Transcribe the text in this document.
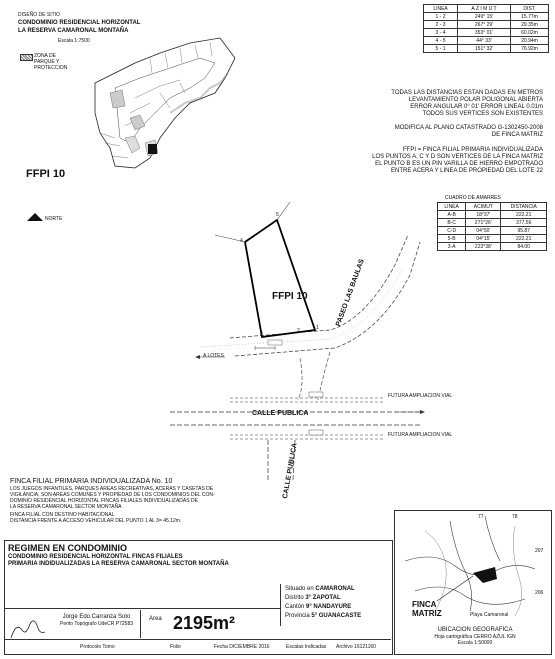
DISEÑO DE SITIO
CONDOMINIO RESIDENCIAL HORIZONTAL
LA RESERVA CAMARONAL MONTAÑA
Escala 1:7500
ZONA DE PARQUE Y PROTECCION
FFPI 10
NORTE
LINEA	A Z I M U T	DIST.
1 - 2	249° 15'	15.77m
2 - 3	267° 29'	29.35m
3 - 4	353° 01'	60.02m
4 - 5	44° 33'	20.94m
5 - 1	151° 32'	76.92m
TODAS LAS DISTANCIAS ESTAN DADAS EN METROS
LEVANTAMIENTO POLAR POLIGONAL ABIERTA
ERROR ANGULAR 0° 01' ERROR LINEAL 0.01m
TODOS SUS VERTICES SON EXISTENTES
MODIFICA AL PLANO CATASTRADO G-1302450-2008
DE FINCA MATRIZ
FFPI = FINCA FILIAL PRIMARIA INDIVIDUALIZADA
LOS PUNTOS A, C Y D SON VERTICES DE LA FINCA MATRIZ
EL PUNTO B ES UN PIN VARILLA DE HIERRO EMPOTRADO
ENTRE ACERA Y LINEA DE PROPIEDAD DEL LOTE 22
CUADRO DE AMARRES
LINEA	ACIMUT	DISTANCIA
A-B	18°37'	222.21
B-C	271°26'	377.56
C-D	04°50'	95.87
5-B	04°15'	222.21
3-A	223°38'	84.00
FFPI 10	PASEO LAS BAULAS
CALLE PUBLICA
CALLE PUBLICA
FUTURA AMPLIACION VIAL
FUTURA AMPLIACION VIAL
A LOTES
1
2
3
4
5
FINCA FILIAL PRIMARIA INDIVIDUALIZADA No. 10
LOS JUEGOS INFANTILES, PARQUES AREAS RECREATIVAS, ACERAS Y CASETAS DE
VIGILANCIA, SON AREAS COMUNES Y PROPIEDAD DE LOS CONDOMINIOS DEL CON-
DOMINIO RESIDENCIAL HORIZONTAL FINCAS FILIALES INDIVIDUALIZADAS DE
LA RESERVA CAMARONAL SECTOR MONTAÑA
FINCA FILIAL CON DESTINO HABITACIONAL
DISTANCIA FRENTE A ACCESO VEHICULAR DEL PUNTO 1 AL 3= 45.12m.
REGIMEN EN CONDOMINIO
CONDOMINIO RESIDENCIAL HORIZONTAL FINCAS FILIALES
PRIMARIA INDIDUALIZADAS LA RESERVA CAMARONAL SECTOR MONTAÑA
Situado en CAMARONAL
Distrito 3° ZAPOTAL
Cantón 9° NANDAYURE
Provincia 5° GUANACASTE
Jorge Edo.Carranza Soto
Perito Topógrafo UdeCR P72583
Area 2195m²
Protocolo Tomo	Folio	Fecha DICIEMBRE 2016	Escalas Indicadas Archivo 16121160
77	78
207
206
Playa Camaronal
FINCA
MATRIZ
UBICACION GEOGRAFICA
Hoja cartográfica CERRO AZUL IGN
Escala 1:50000
